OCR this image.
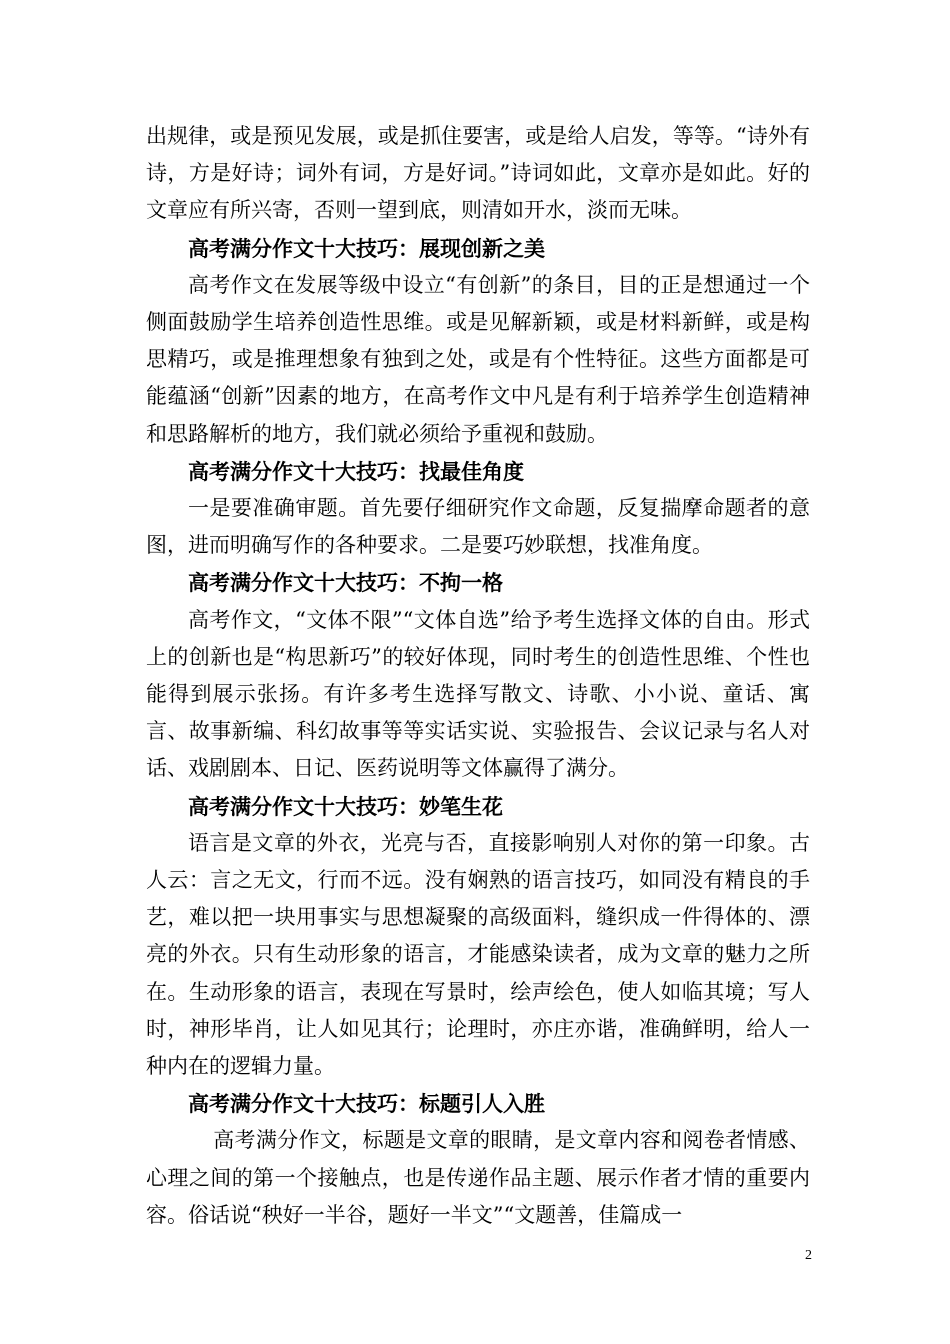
出规律，或是预见发展，或是抓住要害，或是给人启发，等等。“诗外有诗，方是好诗；词外有词，方是好词。”诗词如此，文章亦是如此。好的文章应有所兴寄，否则一望到底，则清如开水，淡而无味。

高考满分作文十大技巧：展现创新之美

高考作文在发展等级中设立“有创新”的条目，目的正是想通过一个侧面鼓励学生培养创造性思维。或是见解新颖，或是材料新鲜，或是构思精巧，或是推理想象有独到之处，或是有个性特征。这些方面都是可能蕴涵“创新”因素的地方，在高考作文中凡是有利于培养学生创造精神和思路解析的地方，我们就必须给予重视和鼓励。

高考满分作文十大技巧：找最佳角度

一是要准确审题。首先要仔细研究作文命题，反复揣摩命题者的意图，进而明确写作的各种要求。二是要巧妙联想，找准角度。

高考满分作文十大技巧：不拘一格

高考作文，“文体不限”“文体自选”给予考生选择文体的自由。形式上的创新也是“构思新巧”的较好体现，同时考生的创造性思维、个性也能得到展示张扬。有许多考生选择写散文、诗歌、小小说、童话、寓言、故事新编、科幻故事等等实话实说、实验报告、会议记录与名人对话、戏剧剧本、日记、医药说明等文体赢得了满分。

高考满分作文十大技巧：妙笔生花

语言是文章的外衣，光亮与否，直接影响别人对你的第一印象。古人云：言之无文，行而不远。没有娴熟的语言技巧，如同没有精良的手艺，难以把一块用事实与思想凝聚的高级面料，缝织成一件得体的、漂亮的外衣。只有生动形象的语言，才能感染读者，成为文章的魅力之所在。生动形象的语言，表现在写景时，绘声绘色，使人如临其境；写人时，神形毕肖，让人如见其行；论理时，亦庄亦谐，准确鲜明，给人一种内在的逻辑力量。

高考满分作文十大技巧：标题引人入胜

高考满分作文，标题是文章的眼睛，是文章内容和阅卷者情感、心理之间的第一个接触点，也是传递作品主题、展示作者才情的重要内容。俗话说“秧好一半谷，题好一半文”“文题善，佳篇成一

2
